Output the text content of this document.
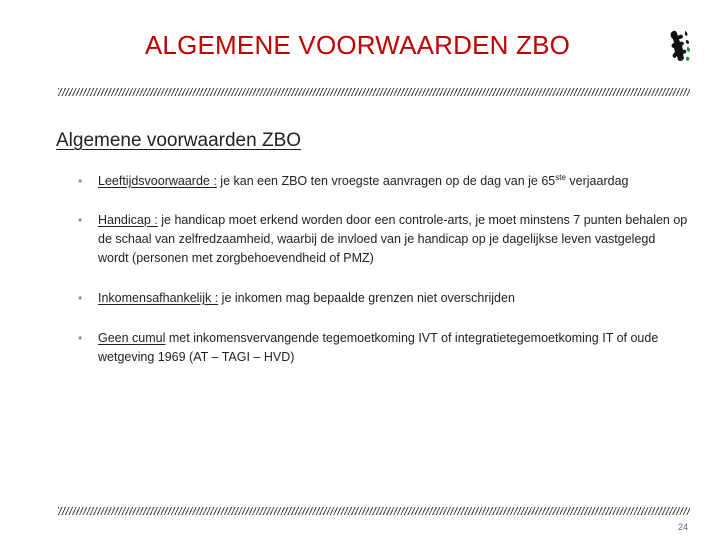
ALGEMENE VOORWAARDEN ZBO
Algemene voorwaarden ZBO
• Leeftijdsvoorwaarde : je kan een ZBO ten vroegste aanvragen op de dag van je 65ste verjaardag
• Handicap : je handicap moet erkend worden door een controle-arts, je moet minstens 7 punten behalen op de schaal van zelfredzaamheid, waarbij de invloed van je handicap op je dagelijkse leven vastgelegd wordt (personen met zorgbehoevendheid of PMZ)
• Inkomensafhankelijk : je inkomen mag bepaalde grenzen niet overschrijden
• Geen cumul met inkomensvervangende tegemoetkoming IVT of integratietegemoetkoming IT of oude wetgeving 1969 (AT – TAGI – HVD)
24
